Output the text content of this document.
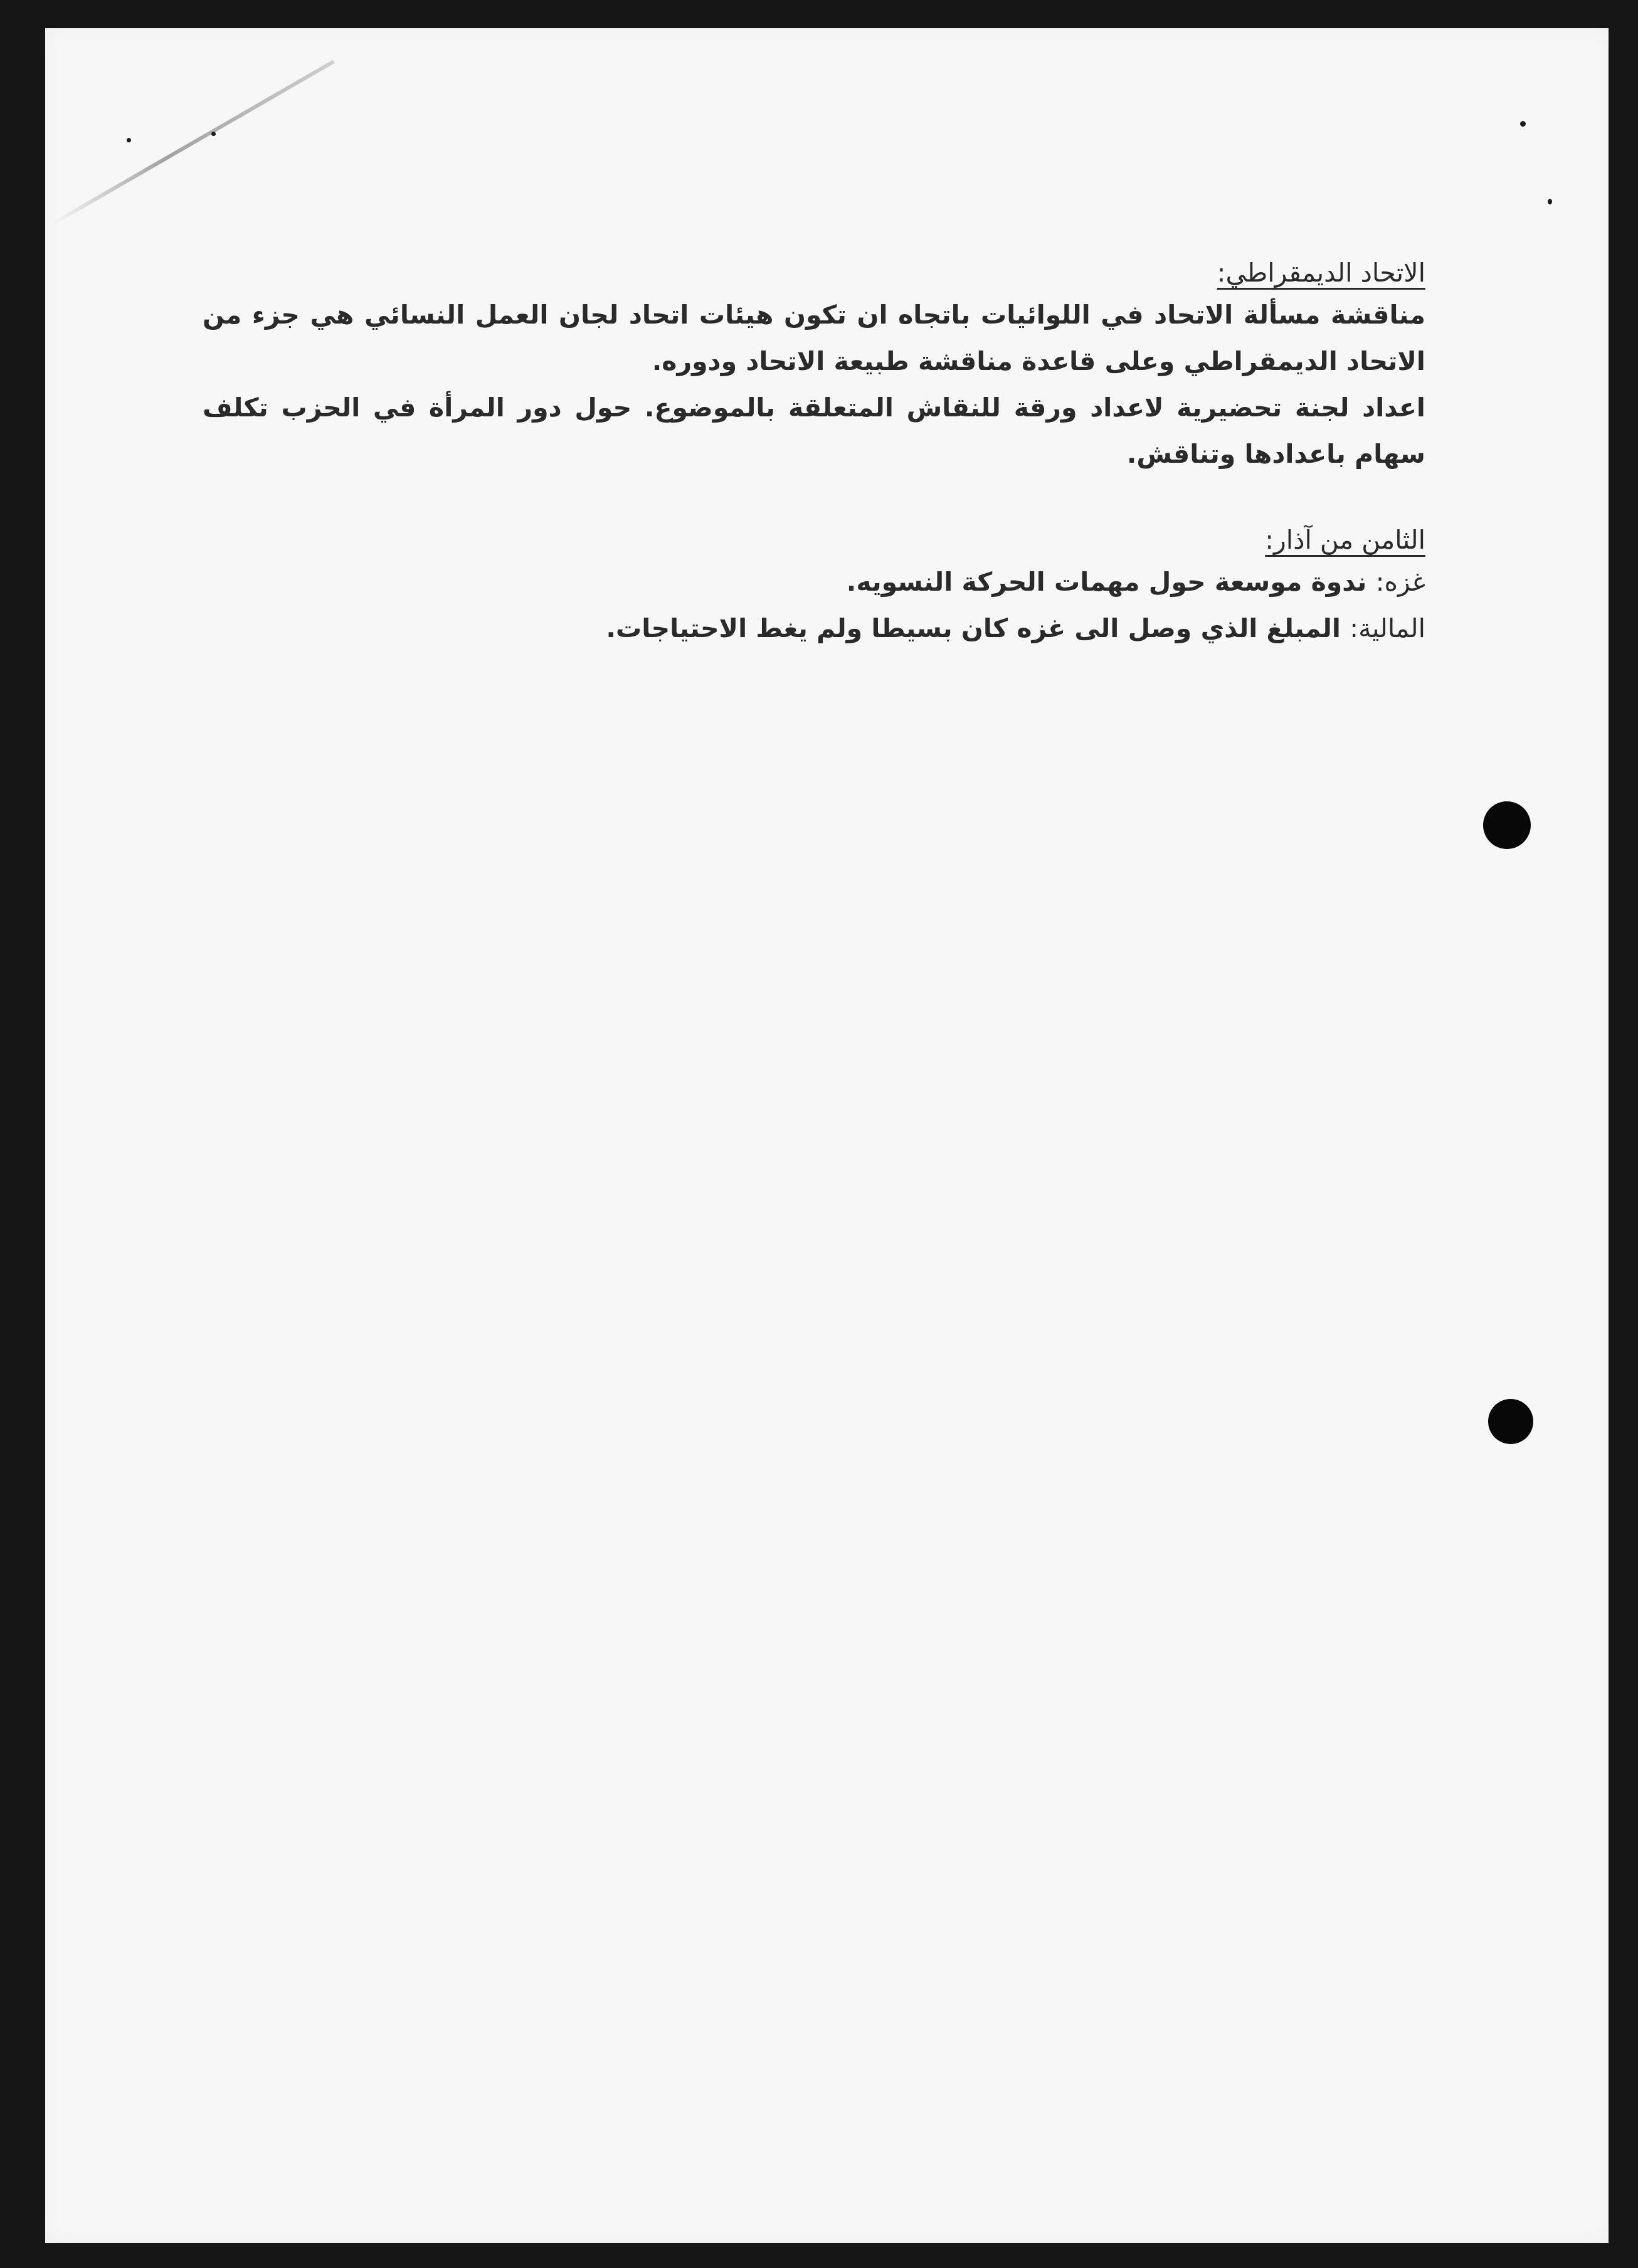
الاتحاد الديمقراطي:

مناقشة مسألة الاتحاد في اللوائيات باتجاه ان تكون هيئات اتحاد لجان العمل النسائي هي جزء من الاتحاد الديمقراطي وعلى قاعدة مناقشة طبيعة الاتحاد ودوره.

اعداد لجنة تحضيرية لاعداد ورقة للنقاش المتعلقة بالموضوع. حول دور المرأة في الحزب تكلف سهام باعدادها وتناقش.

الثامن من آذار:

غزه: ندوة موسعة حول مهمات الحركة النسويه.

المالية: المبلغ الذي وصل الى غزه كان بسيطا ولم يغط الاحتياجات.
